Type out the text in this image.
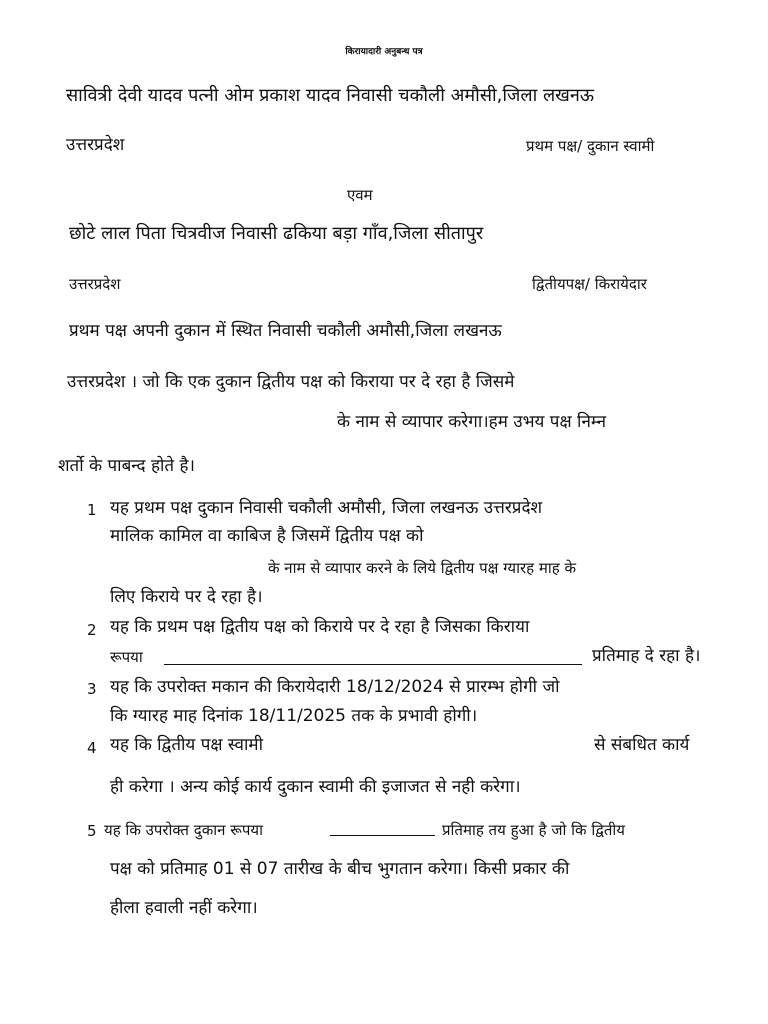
किरायादारी अनुबन्ध पत्र
सावित्री देवी यादव पत्नी ओम प्रकाश यादव निवासी चकौली अमौसी,जिला लखनऊ
उत्तरप्रदेश	प्रथम पक्ष/ दुकान स्वामी
एवम
छोटे लाल पिता चित्रवीज निवासी ढकिया बड़ा गाँव,जिला सीतापुर
उत्तरप्रदेश	द्वितीयपक्ष/ किरायेदार
प्रथम पक्ष अपनी दुकान में स्थित निवासी चकौली अमौसी,जिला लखनऊ
उत्तरप्रदेश । जो कि एक दुकान द्वितीय पक्ष को किराया पर दे रहा है जिसमे
के नाम से व्यापार करेगा।हम उभय पक्ष निम्न
शर्तो के पाबन्द होते है।
1 यह प्रथम पक्ष दुकान निवासी चकौली अमौसी, जिला लखनऊ उत्तरप्रदेश
मालिक कामिल वा काबिज है जिसमें द्वितीय पक्ष को
के नाम से व्यापार करने के लिये द्वितीय पक्ष ग्यारह माह के
लिए किराये पर दे रहा है।
2 यह कि प्रथम पक्ष द्वितीय पक्ष को किराये पर दे रहा है जिसका किराया
रूपया	प्रतिमाह दे रहा है।
3 यह कि उपरोक्त मकान की किरायेदारी 18/12/2024 से प्रारम्भ होगी जो
कि ग्यारह माह दिनांक 18/11/2025 तक के प्रभावी होगी।
4 यह कि द्वितीय पक्ष स्वामी	से संबधित कार्य
ही करेगा । अन्य कोई कार्य दुकान स्वामी की इजाजत से नही करेगा।
5 यह कि उपरोक्त दुकान रूपया	प्रतिमाह तय हुआ है जो कि द्वितीय
पक्ष को प्रतिमाह 01 से 07 तारीख के बीच भुगतान करेगा। किसी प्रकार की
हीला हवाली नहीं करेगा।
